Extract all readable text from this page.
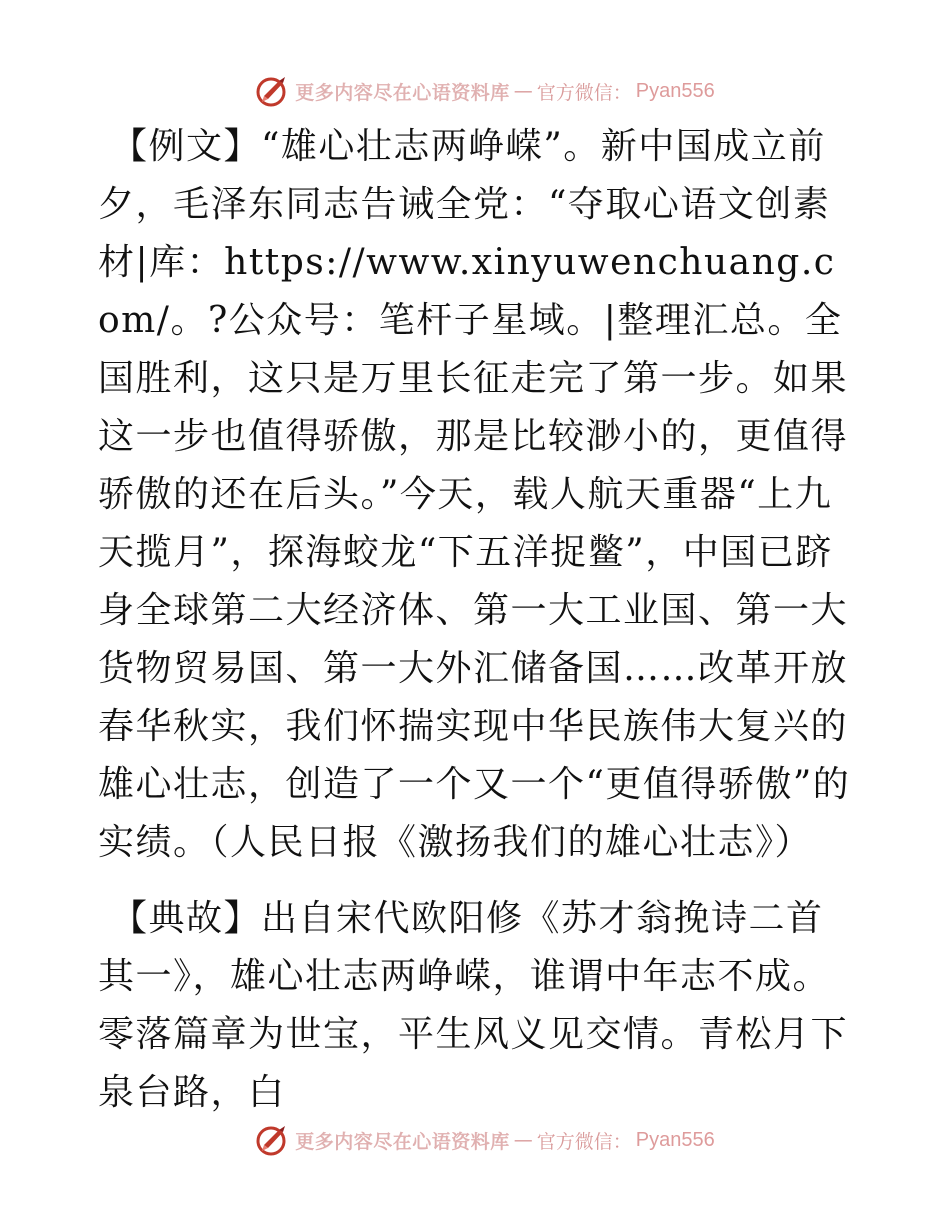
更多内容尽在心语资料库 — 官方微信： Pyan556

【例文】“雄心壮志两峥嵘”。新中国成立前夕，毛泽东同志告诫全党：“夺取心语文创素材|库：https://www.xinyuwenchuang.com/。?公众号：笔杆子星域。|整理汇总。全国胜利，这只是万里长征走完了第一步。如果这一步也值得骄傲，那是比较渺小的，更值得骄傲的还在后头。”今天，载人航天重器“上九天揽月”，探海蛟龙“下五洋捉鳖”，中国已跻身全球第二大经济体、第一大工业国、第一大货物贸易国、第一大外汇储备国……改革开放春华秋实，我们怀揣实现中华民族伟大复兴的雄心壮志，创造了一个又一个“更值得骄傲”的实绩。（人民日报《激扬我们的雄心壮志》）

【典故】出自宋代欧阳修《苏才翁挽诗二首其一》，雄心壮志两峥嵘，谁谓中年志不成。零落篇章为世宝，平生风义见交情。青松月下泉台路，白

更多内容尽在心语资料库 — 官方微信： Pyan556
